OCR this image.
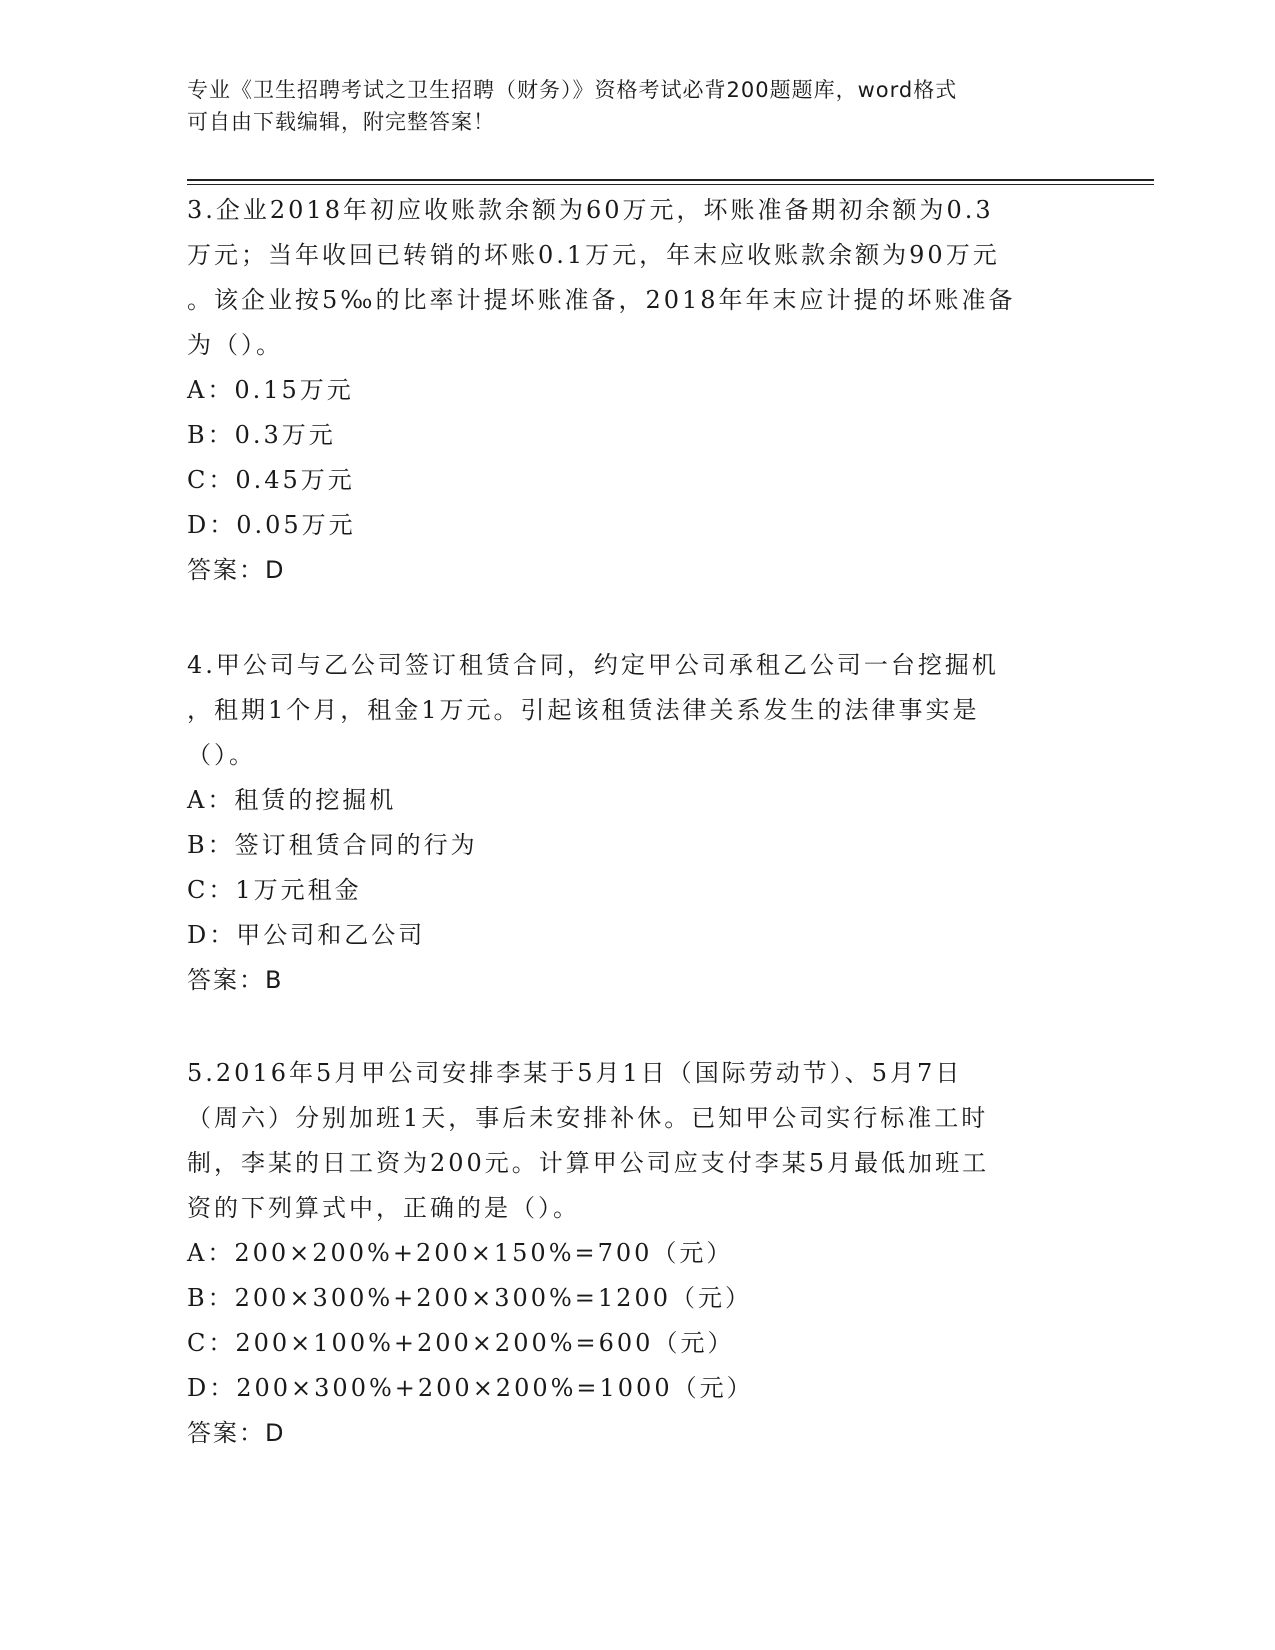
专业《卫生招聘考试之卫生招聘（财务）》资格考试必背200题题库，word格式
可自由下载编辑，附完整答案！
3.企业2018年初应收账款余额为60万元，坏账准备期初余额为0.3
万元；当年收回已转销的坏账0.1万元，年末应收账款余额为90万元
。该企业按5‰的比率计提坏账准备，2018年年末应计提的坏账准备
为（）。
A：0.15万元
B：0.3万元
C：0.45万元
D：0.05万元
答案：D
4.甲公司与乙公司签订租赁合同，约定甲公司承租乙公司一台挖掘机
，租期1个月，租金1万元。引起该租赁法律关系发生的法律事实是
（）。
A：租赁的挖掘机
B：签订租赁合同的行为
C：1万元租金
D：甲公司和乙公司
答案：B
5.2016年5月甲公司安排李某于5月1日（国际劳动节）、5月7日
（周六）分别加班1天，事后未安排补休。已知甲公司实行标准工时
制，李某的日工资为200元。计算甲公司应支付李某5月最低加班工
资的下列算式中，正确的是（）。
A：200×200%+200×150%=700（元）
B：200×300%+200×300%=1200（元）
C：200×100%+200×200%=600（元）
D：200×300%+200×200%=1000（元）
答案：D
